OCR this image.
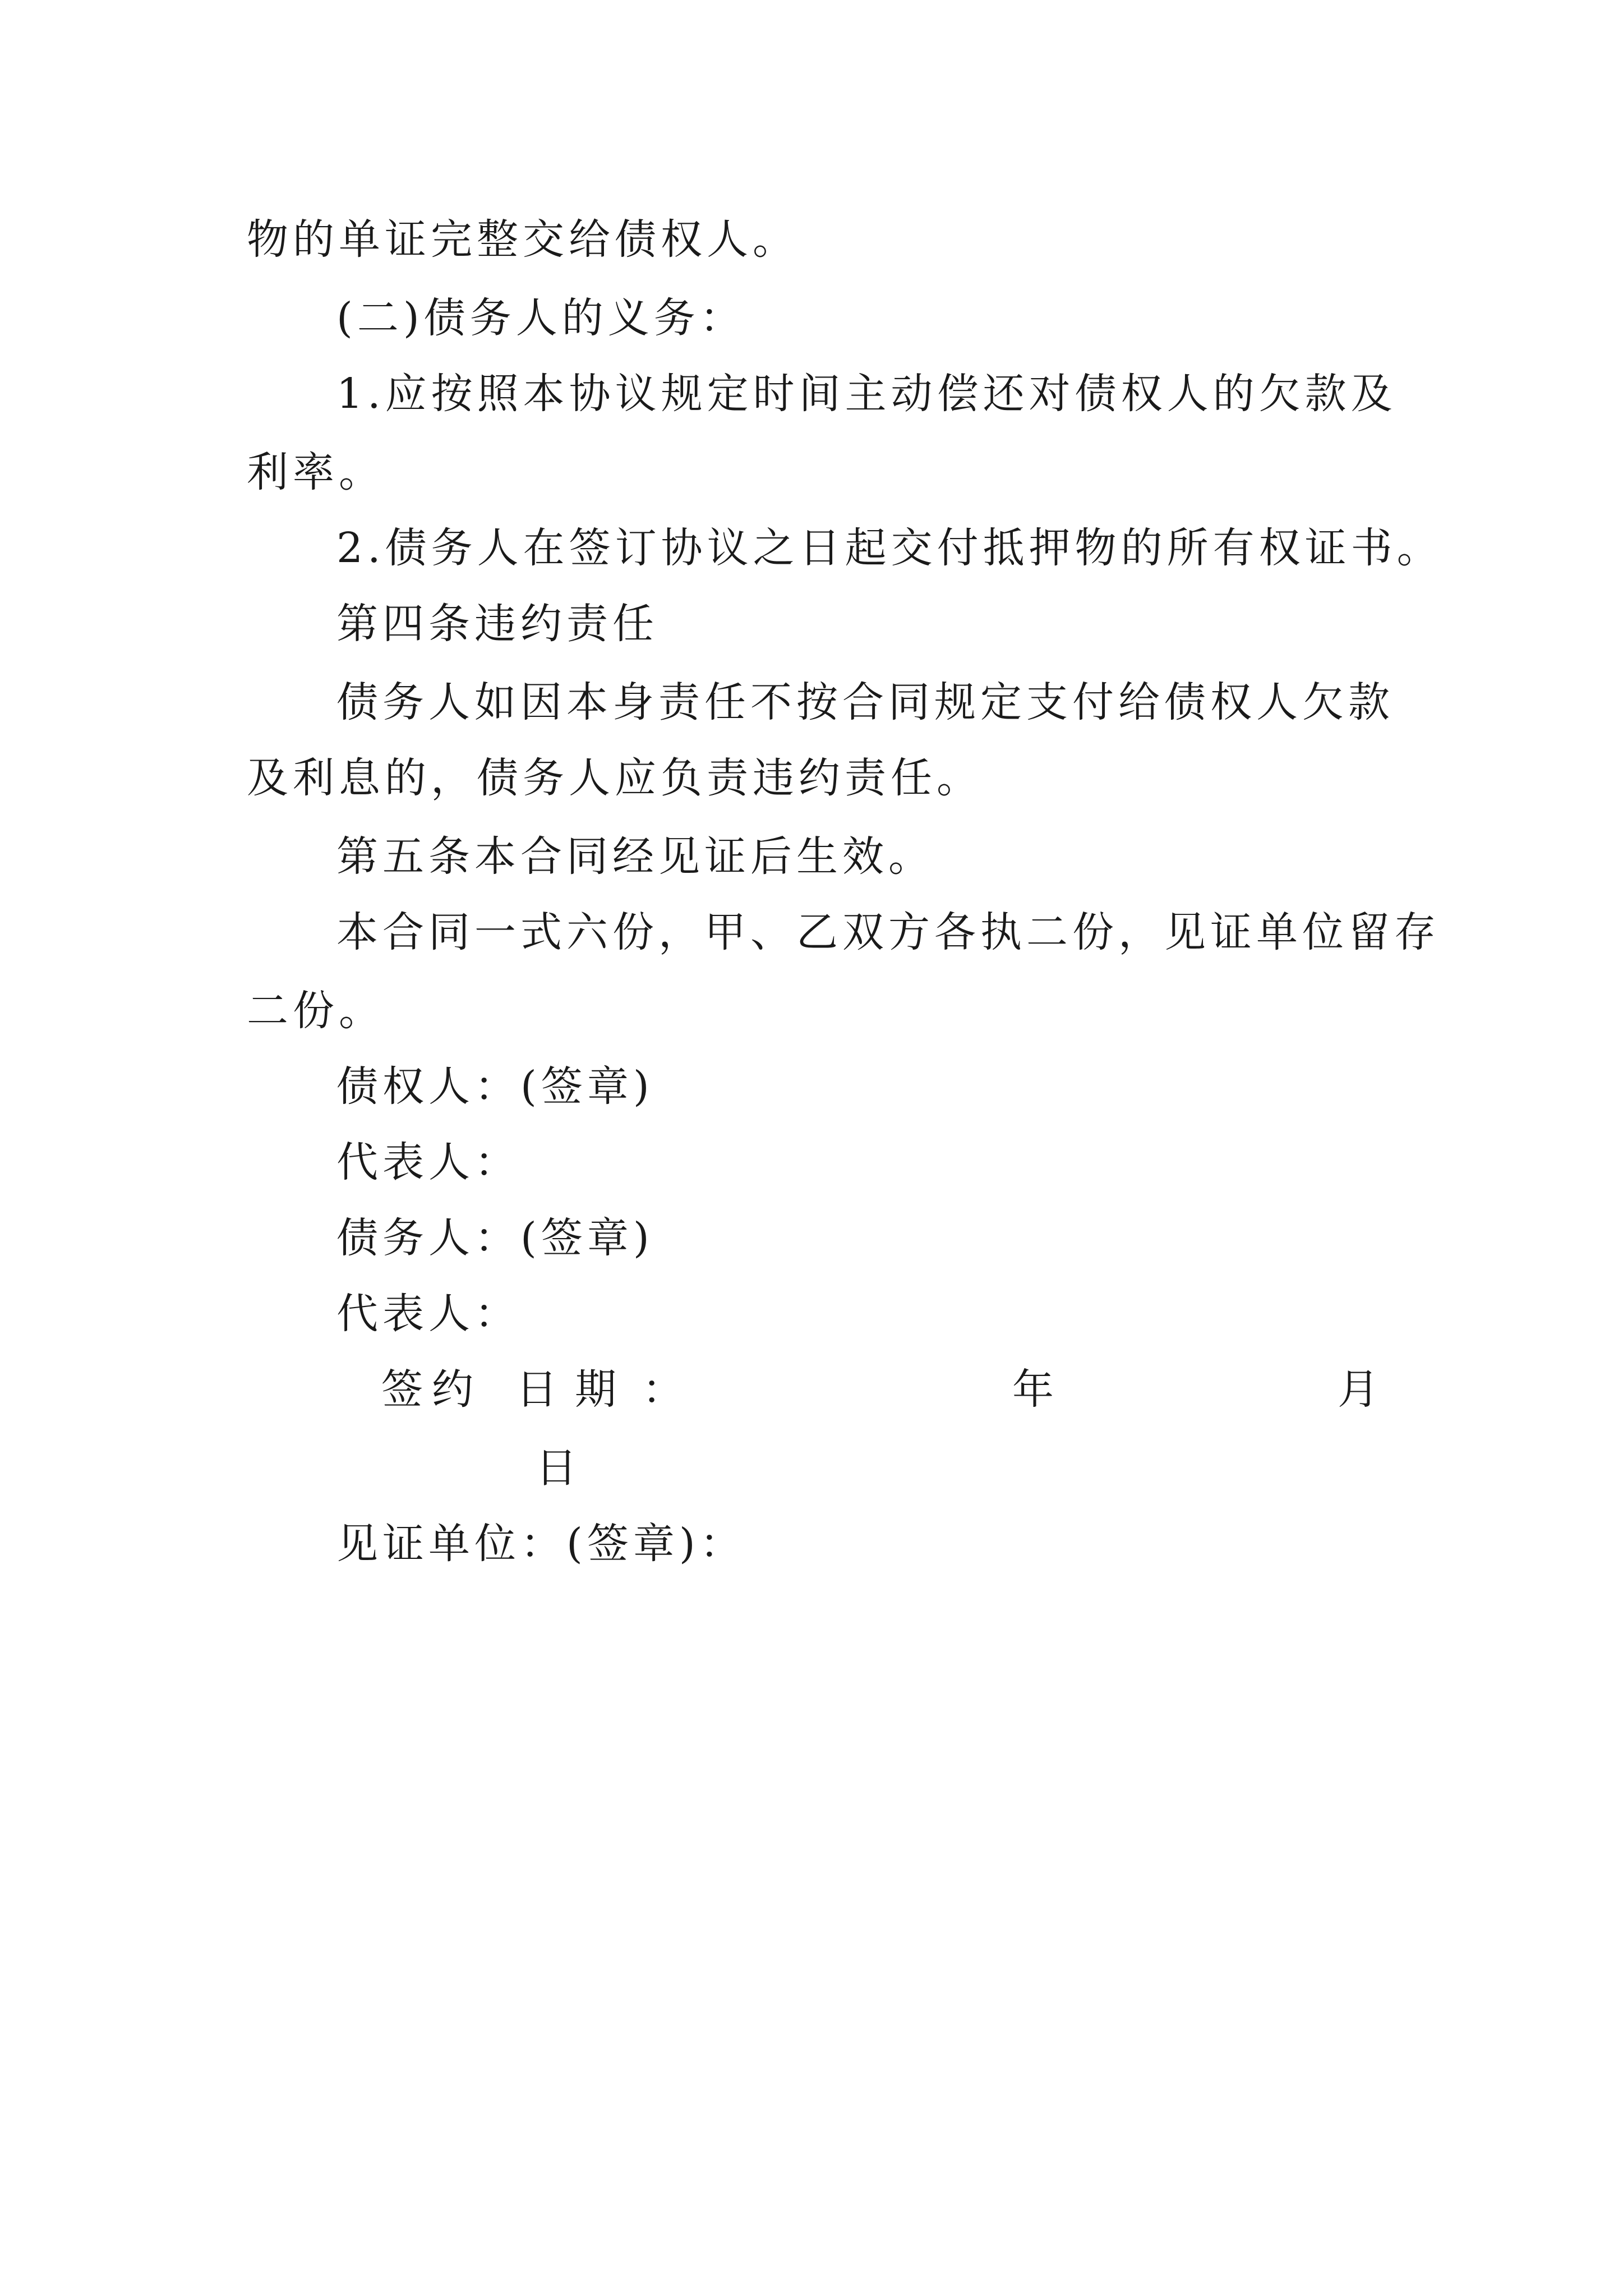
物的单证完整交给债权人。
(二)债务人的义务：
1.应按照本协议规定时间主动偿还对债权人的欠款及
利率。
2.债务人在签订协议之日起交付抵押物的所有权证书。
第四条违约责任
债务人如因本身责任不按合同规定支付给债权人欠款
及利息的，债务人应负责违约责任。
第五条本合同经见证后生效。
本合同一式六份，甲、乙双方各执二份，见证单位留存
二份。
债权人：(签章)
代表人：
债务人：(签章)
代表人：
签 约 日 期 ：	年	月
日
见证单位：(签章)：
